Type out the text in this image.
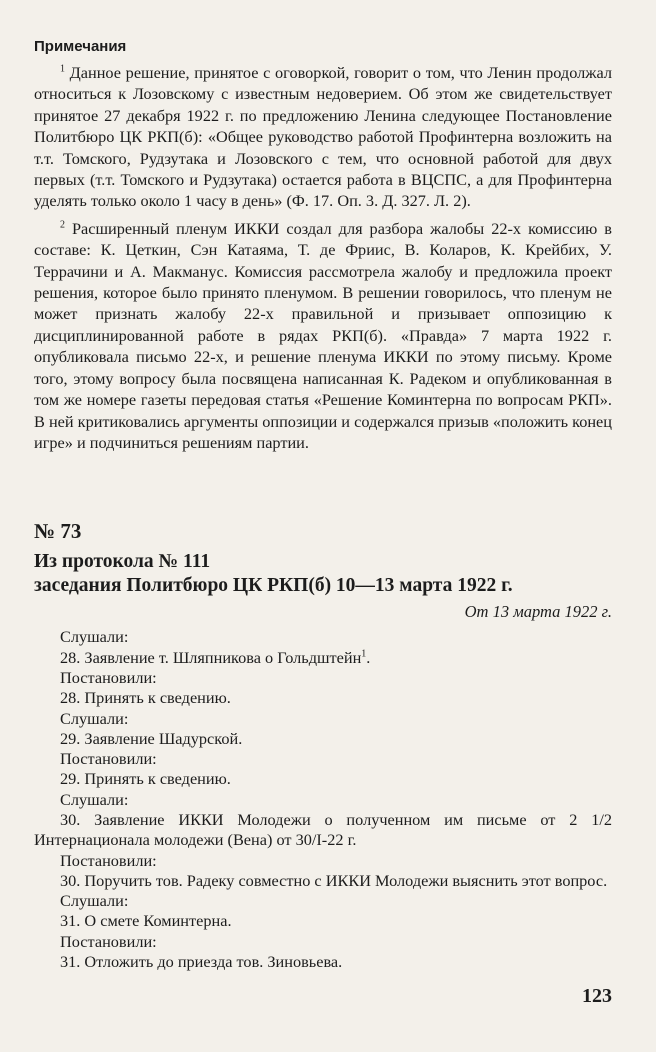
Примечания

$^1$ Данное решение, принятое с оговоркой, говорит о том, что Ленин продолжал относиться к Лозовскому с известным недоверием. Об этом же свидетельствует принятое 27 декабря 1922 г. по предложению Ленина следующее Постановление Политбюро ЦК РКП(б): «Общее руководство работой Профинтерна возложить на т.т. Томского, Рудзутака и Лозовского с тем, что основной работой для двух первых (т.т. Томского и Рудзутака) остается работа в ВЦСПС, а для Профинтерна уделять только около 1 часу в день» (Ф. 17. Оп. 3. Д. 327. Л. 2).

$^2$ Расширенный пленум ИККИ создал для разбора жалобы 22-х комиссию в составе: К. Цеткин, Сэн Катаяма, Т. де Фриис, В. Коларов, К. Крейбих, У. Террачини и А. Макманус. Комиссия рассмотрела жалобу и предложила проект решения, которое было принято пленумом. В решении говорилось, что пленум не может признать жалобу 22-х правильной и призывает оппозицию к дисциплинированной работе в рядах РКП(б). «Правда» 7 марта 1922 г. опубликовала письмо 22-х, и решение пленума ИККИ по этому письму. Кроме того, этому вопросу была посвящена написанная К. Радеком и опубликованная в том же номере газеты передовая статья «Решение Коминтерна по вопросам РКП». В ней критиковались аргументы оппозиции и содержался призыв «положить конец игре» и подчиниться решениям партии.

№ 73
Из протокола № 111
заседания Политбюро ЦК РКП(б) 10—13 марта 1922 г.
От 13 марта 1922 г.

Слушали:

28. Заявление т. Шляпникова о Гольдштейн$^1$.

Постановили:

28. Принять к сведению.

Слушали:

29. Заявление Шадурской.

Постановили:

29. Принять к сведению.

Слушали:

30. Заявление ИККИ Молодежи о полученном им письме от 2 1/2 Интернационала молодежи (Вена) от 30/I-22 г.

Постановили:

30. Поручить тов. Радеку совместно с ИККИ Молодежи выяснить этот вопрос.

Слушали:

31. О смете Коминтерна.

Постановили:

31. Отложить до приезда тов. Зиновьева.

123
